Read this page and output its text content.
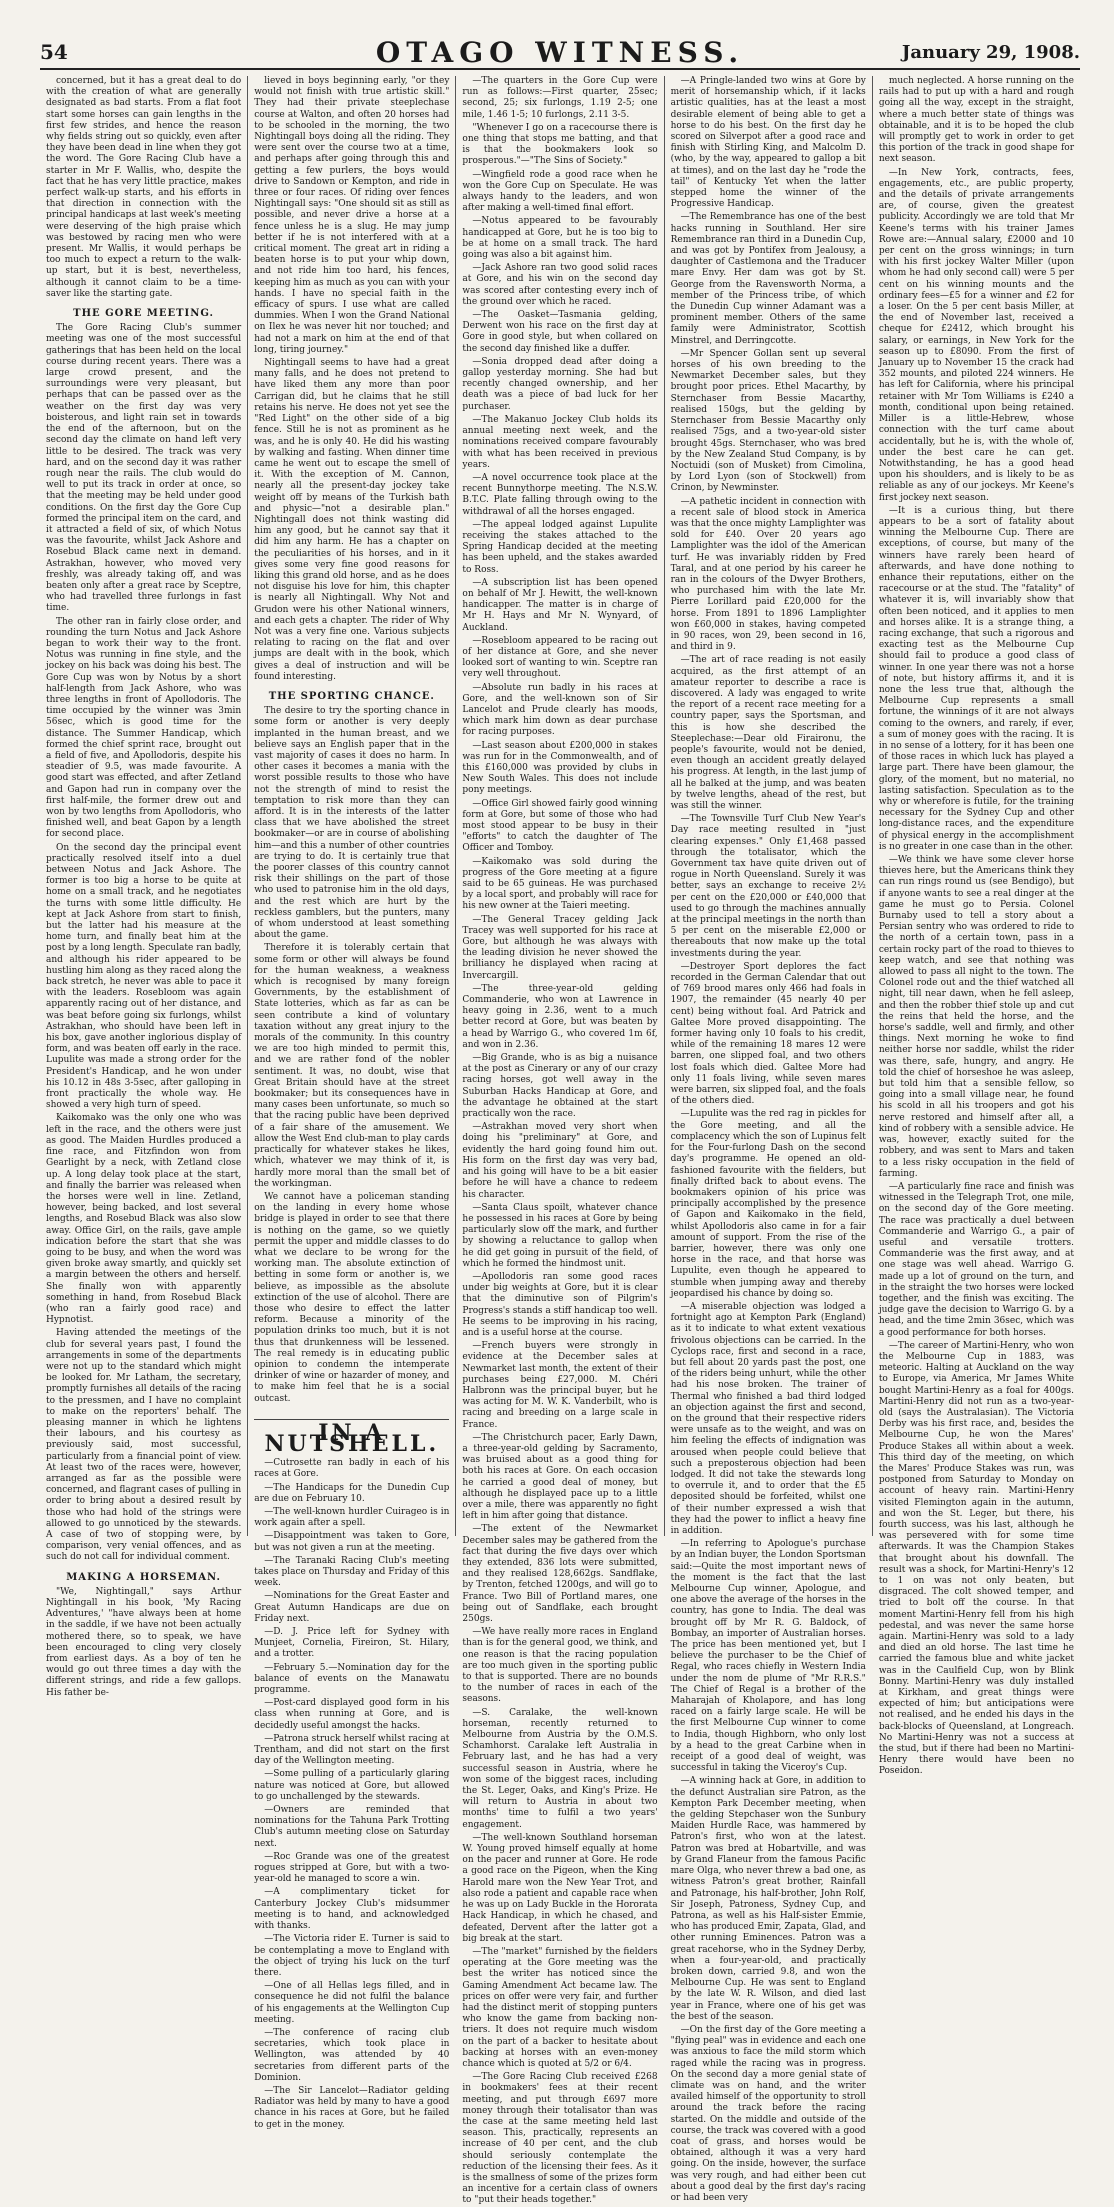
54	OTAGO WITNESS.	January 29, 1908.

concerned, but it has a great deal to do with the creation of what are generally designated as bad starts. From a flat foot start some horses can gain lengths in the first few strides, and hence the reason why fields string out so quickly, even after they have been dead in line when they got the word. The Gore Racing Club have a starter in Mr F. Wallis, who, despite the fact that he has very little practice, makes perfect walk-up starts, and his efforts in that direction in connection with the principal handicaps at last week's meeting were deserving of the high praise which was bestowed by racing men who were present. Mr Wallis, it would perhaps be too much to expect a return to the walk-up start, but it is best, nevertheless, although it cannot claim to be a time-saver like the starting gate.

THE GORE MEETING.

The Gore Racing Club's summer meeting was one of the most successful gatherings that has been held on the local course during recent years. There was a large crowd present, and the surroundings were very pleasant, but perhaps that can be passed over as the weather on the first day was very boisterous, and light rain set in towards the end of the afternoon, but on the second day the climate on hand left very little to be desired. The track was very hard, and on the second day it was rather rough near the rails. The club would do well to put its track in order at once, so that the meeting may be held under good conditions. On the first day the Gore Cup formed the principal item on the card, and it attracted a field of six, of which Notus was the favourite, whilst Jack Ashore and Rosebud Black came next in demand. Astrakhan, however, who moved very freshly, was already taking off, and was beaten only after a great race by Sceptre, who had travelled three furlongs in fast time.

The other ran in fairly close order, and rounding the turn Notus and Jack Ashore began to work their way to the front. Notus was running in fine style, and the jockey on his back was doing his best. The Gore Cup was won by Notus by a short half-length from Jack Ashore, who was three lengths in front of Apollodoris. The time occupied by the winner was 3min 56sec, which is good time for the distance. The Summer Handicap, which formed the chief sprint race, brought out a field of five, and Apollodoris, despite his steadier of 9.5, was made favourite. A good start was effected, and after Zetland and Gapon had run in company over the first half-mile, the former drew out and won by two lengths from Apollodoris, who finished well, and beat Gapon by a length for second place.

On the second day the principal event practically resolved itself into a duel between Notus and Jack Ashore. The former is too big a horse to be quite at home on a small track, and he negotiates the turns with some little difficulty. He kept at Jack Ashore from start to finish, but the latter had his measure at the home turn, and finally beat him at the post by a long length. Speculate ran badly, and although his rider appeared to be hustling him along as they raced along the back stretch, he never was able to pace it with the leaders. Rosebloom was again apparently racing out of her distance, and was beat before going six furlongs, whilst Astrakhan, who should have been left in his box, gave another inglorious display of form, and was beaten off early in the race. Lupulite was made a strong order for the President's Handicap, and he won under his 10.12 in 48s 3-5sec, after galloping in front practically the whole way. He showed a very high turn of speed.

Kaikomako was the only one who was left in the race, and the others were just as good. The Maiden Hurdles produced a fine race, and Fitzfindon won from Gearlight by a neck, with Zetland close up. A long delay took place at the start, and finally the barrier was released when the horses were well in line. Zetland, however, being backed, and lost several lengths, and Rosebud Black was also slow away. Office Girl, on the rails, gave ample indication before the start that she was going to be busy, and when the word was given broke away smartly, and quickly set a margin between the others and herself. She finally won with apparently something in hand, from Rosebud Black (who ran a fairly good race) and Hypnotist.

Having attended the meetings of the club for several years past, I found the arrangements in some of the departments were not up to the standard which might be looked for. Mr Latham, the secretary, promptly furnishes all details of the racing to the pressmen, and I have no complaint to make on the reporters' behalf. The pleasing manner in which he lightens their labours, and his courtesy as previously said, most successful, particularly from a financial point of view. At least two of the races were, however, arranged as far as the possible were concerned, and flagrant cases of pulling in order to bring about a desired result by those who had hold of the strings were allowed to go unnoticed by the stewards. A case of two of stopping were, by comparison, very venial offences, and as such do not call for individual comment.

MAKING A HORSEMAN.

"We, Nightingall," says Arthur Nightingall in his book, 'My Racing Adventures,' "have always been at home in the saddle, if we have not been actually mothered there, so to speak, we have been encouraged to cling very closely from earliest days. As a boy of ten he would go out three times a day with the different strings, and ride a few gallops. His father be-

lieved in boys beginning early, "or they would not finish with true artistic skill." They had their private steeplechase course at Walton, and often 20 horses had to be schooled in the morning, the two Nightingall boys doing all the riding. They were sent over the course two at a time, and perhaps after going through this and getting a few purlers, the boys would drive to Sandown or Kempton, and ride in three or four races. Of riding over fences Nightingall says: "One should sit as still as possible, and never drive a horse at a fence unless he is a slug. He may jump better if he is not interfered with at a critical moment. The great art in riding a beaten horse is to put your whip down, and not ride him too hard, his fences, keeping him as much as you can with your hands. I have no special faith in the efficacy of spurs. I use what are called dummies. When I won the Grand National on Ilex he was never hit nor touched; and had not a mark on him at the end of that long, tiring journey."

Nightingall seems to have had a great many falls, and he does not pretend to have liked them any more than poor Carrigan did, but he claims that he still retains his nerve. He does not yet see the "Red Light" on the other side of a big fence. Still he is not as prominent as he was, and he is only 40. He did his wasting by walking and fasting. When dinner time came he went out to escape the smell of it. With the exception of M. Cannon, nearly all the present-day jockey take weight off by means of the Turkish bath and physic—"not a desirable plan." Nightingall does not think wasting did him any good, but he cannot say that it did him any harm. He has a chapter on the peculiarities of his horses, and in it gives some very fine good reasons for liking this grand old horse, and as he does not disguise his love for him, this chapter is nearly all Nightingall. Why Not and Grudon were his other National winners, and each gets a chapter. The rider of Why Not was a very fine one. Various subjects relating to racing on the flat and over jumps are dealt with in the book, which gives a deal of instruction and will be found interesting.

THE SPORTING CHANCE.

The desire to try the sporting chance in some form or another is very deeply implanted in the human breast, and we believe says an English paper that in the vast majority of cases it does no harm. In other cases it becomes a mania with the worst possible results to those who have not the strength of mind to resist the temptation to risk more than they can afford. It is in the interests of the latter class that we have abolished the street bookmaker—or are in course of abolishing him—and this a number of other countries are trying to do. It is certainly true that the poorer classes of this country cannot risk their shillings on the part of those who used to patronise him in the old days, and the rest which are hurt by the reckless gamblers, but the punters, many of whom understood at least something about the game.

Therefore it is tolerably certain that some form or other will always be found for the human weakness, a weakness which is recognised by many foreign Governments, by the establishment of State lotteries, which as far as can be seen contribute a kind of voluntary taxation without any great injury to the morals of the community. In this country we are too high minded to permit this, and we are rather fond of the nobler sentiment. It was, no doubt, wise that Great Britain should have at the street bookmaker; but its consequences have in many cases been unfortunate, so much so that the racing public have been deprived of a fair share of the amusement. We allow the West End club-man to play cards practically for whatever stakes he likes, which, whatever we may think of it, is hardly more moral than the small bet of the workingman.

We cannot have a policeman standing on the landing in every home whose bridge is played in order to see that there is nothing on the game, so we quietly permit the upper and middle classes to do what we declare to be wrong for the working man. The absolute extinction of betting in some form or another is, we believe, as impossible as the absolute extinction of the use of alcohol. There are those who desire to effect the latter reform. Because a minority of the population drinks too much, but it is not thus that drunkenness will be lessened. The real remedy is in educating public opinion to condemn the intemperate drinker of wine or hazarder of money, and to make him feel that he is a social outcast.

IN A NUTSHELL.

—Cutrosette ran badly in each of his races at Gore.

—The Handicaps for the Dunedin Cup are due on February 10.

—The well-known hurdler Cuirageo is in work again after a spell.

—Disappointment was taken to Gore, but was not given a run at the meeting.

—The Taranaki Racing Club's meeting takes place on Thursday and Friday of this week.

—Nominations for the Great Easter and Great Autumn Handicaps are due on Friday next.

—D. J. Price left for Sydney with Munjeet, Cornelia, Fireiron, St. Hilary, and a trotter.

—February 5.—Nomination day for the balance of events on the Manawatu programme.

—Post-card displayed good form in his class when running at Gore, and is decidedly useful amongst the hacks.

—Patrona struck herself whilst racing at Trentham, and did not start on the first day of the Wellington meeting.

—Some pulling of a particularly glaring nature was noticed at Gore, but allowed to go unchallenged by the stewards.

—Owners are reminded that nominations for the Tahuna Park Trotting Club's autumn meeting close on Saturday next.

—Roc Grande was one of the greatest rogues stripped at Gore, but with a two-year-old he managed to score a win.

—A complimentary ticket for Canterbury Jockey Club's midsummer meeting is to hand, and acknowledged with thanks.

—The Victoria rider E. Turner is said to be contemplating a move to England with the object of trying his luck on the turf there.

—One of all Hellas legs filled, and in consequence he did not fulfil the balance of his engagements at the Wellington Cup meeting.

—The conference of racing club secretaries, which took place in Wellington, was attended by 40 secretaries from different parts of the Dominion.

—The Sir Lancelot—Radiator gelding Radiator was held by many to have a good chance in his races at Gore, but he failed to get in the money.

—The quarters in the Gore Cup were run as follows:—First quarter, 25sec; second, 25; six furlongs, 1.19 2-5; one mile, 1.46 1-5; 10 furlongs, 2.11 3-5.

"Whenever I go on a racecourse there is one thing that stops me batting, and that is that the bookmakers look so prosperous."—"The Sins of Society."

—Wingfield rode a good race when he won the Gore Cup on Speculate. He was always handy to the leaders, and won after making a well-timed final effort.

—Notus appeared to be favourably handicapped at Gore, but he is too big to be at home on a small track. The hard going was also a bit against him.

—Jack Ashore ran two good solid races at Gore, and his win on the second day was scored after contesting every inch of the ground over which he raced.

—The Oasket—Tasmania gelding, Derwent won his race on the first day at Gore in good style, but when collared on the second day finished like a duffer.

—Sonia dropped dead after doing a gallop yesterday morning. She had but recently changed ownership, and her death was a piece of bad luck for her purchaser.

—The Makanuo Jockey Club holds its annual meeting next week, and the nominations received compare favourably with what has been received in previous years.

—A novel occurrence took place at the recent Bunnythorpe meeting. The N.S.W. B.T.C. Plate falling through owing to the withdrawal of all the horses engaged.

—The appeal lodged against Lupulite receiving the stakes attached to the Spring Handicap decided at the meeting has been upheld, and the stakes awarded to Ross.

—A subscription list has been opened on behalf of Mr J. Hewitt, the well-known handicapper. The matter is in charge of Mr H. Hays and Mr N. Wynyard, of Auckland.

—Rosebloom appeared to be racing out of her distance at Gore, and she never looked sort of wanting to win. Sceptre ran very well throughout.

—Absolute run badly in his races at Gore, and the well-known son of Sir Lancelot and Prude clearly has moods, which mark him down as dear purchase for racing purposes.

—Last season about £200,000 in stakes was run for in the Commonwealth, and of this £160,000 was provided by clubs in New South Wales. This does not include pony meetings.

—Office Girl showed fairly good winning form at Gore, but some of those who had most stood appear to be busy in their "efforts" to catch the daughter of The Officer and Tomboy.

—Kaikomako was sold during the progress of the Gore meeting at a figure said to be 65 guineas. He was purchased by a local sport, and probably will race for his new owner at the Taieri meeting.

—The General Tracey gelding Jack Tracey was well supported for his race at Gore, but although he was always with the leading division he never showed the brilliancy he displayed when racing at Invercargill.

—The three-year-old gelding Commanderie, who won at Lawrence in heavy going in 2.36, went to a much better record at Gore, but was beaten by a head by Warrigo G., who covered 1m 6f, and won in 2.36.

—Big Grande, who is as big a nuisance at the post as Cinerary or any of our crazy racing horses, got well away in the Suburban Hacks Handicap at Gore, and the advantage he obtained at the start practically won the race.

—Astrakhan moved very short when doing his "preliminary" at Gore, and evidently the hard going found him out. His form on the first day was very bad, and his going will have to be a bit easier before he will have a chance to redeem his character.

—Santa Claus spoilt, whatever chance he possessed in his races at Gore by being particularly slow off the mark, and further by showing a reluctance to gallop when he did get going in pursuit of the field, of which he formed the hindmost unit.

—Apollodoris ran some good races under big weights at Gore, but it is clear that the diminutive son of Pilgrim's Progress's stands a stiff handicap too well. He seems to be improving in his racing, and is a useful horse at the course.

—French buyers were strongly in evidence at the December sales at Newmarket last month, the extent of their purchases being £27,000. M. Chéri Halbronn was the principal buyer, but he was acting for M. W. K. Vanderbilt, who is racing and breeding on a large scale in France.

—The Christchurch pacer, Early Dawn, a three-year-old gelding by Sacramento, was bruised about as a good thing for both his races at Gore. On each occasion he carried a good deal of money, but although he displayed pace up to a little over a mile, there was apparently no fight left in him after going that distance.

—The extent of the Newmarket December sales may be gathered from the fact that during the five days over which they extended, 836 lots were submitted, and they realised 128,662gs. Sandflake, by Trenton, fetched 1200gs, and will go to France. Two Bill of Portland mares, one being out of Sandflake, each brought 250gs.

—We have really more races in England than is for the general good, we think, and one reason is that the racing population are too much given in the sporting public to that is supported. There are no bounds to the number of races in each of the seasons.

—S. Caralake, the well-known horseman, recently returned to Melbourne from Austria by the O.M.S. Schamhorst. Caralake left Australia in February last, and he has had a very successful season in Austria, where he won some of the biggest races, including the St. Leger, Oaks, and King's Prize. He will return to Austria in about two months' time to fulfil a two years' engagement.

—The well-known Southland horseman W. Young proved himself equally at home on the pacer and runner at Gore. He rode a good race on the Pigeon, when the King Harold mare won the New Year Trot, and also rode a patient and capable race when he was up on Lady Buckle in the Hororata Hack Handicap, in which he chased, and defeated, Dervent after the latter got a big break at the start.

—The "market" furnished by the fielders operating at the Gore meeting was the best the writer has noticed since the Gaming Amendment Act became law. The prices on offer were very fair, and further had the distinct merit of stopping punters who know the game from backing non-triers. It does not require much wisdom on the part of a backer to hesitate about backing at horses with an even-money chance which is quoted at 5/2 or 6/4.

—The Gore Racing Club received £268 in bookmakers' fees at their recent meeting, and put through £697 more money through their totalisator than was the case at the same meeting held last season. This, practically, represents an increase of 40 per cent, and the club should seriously contemplate the reduction of the licensing their fees. As it is the smallness of some of the prizes form an incentive for a certain class of owners to "put their heads together."

—A Pringle-landed two wins at Gore by merit of horsemanship which, if it lacks artistic qualities, has at the least a most desirable element of being able to get a horse to do his best. On the first day he scored on Silverpot after a good race and finish with Stirling King, and Malcolm D. (who, by the way, appeared to gallop a bit at times), and on the last day he "rode the tail" of Kentucky Yet when the latter stepped home the winner of the Progressive Handicap.

—The Remembrance has one of the best hacks running in Southland. Her sire Remembrance ran third in a Dunedin Cup, and was got by Pontifex from Jealousy, a daughter of Castlemona and the Traducer mare Envy. Her dam was got by St. George from the Ravensworth Norma, a member of the Princess tribe, of which the Dunedin Cup winner Adamant was a prominent member. Others of the same family were Administrator, Scottish Minstrel, and Derringcotte.

—Mr Spencer Gollan sent up several horses of his own breeding to the Newmarket December sales, but they brought poor prices. Ethel Macarthy, by Sternchaser from Bessie Macarthy, realised 150gs, but the gelding by Sternchaser from Bessie Macarthy only realised 75gs, and a two-year-old sister brought 45gs. Sternchaser, who was bred by the New Zealand Stud Company, is by Noctuidi (son of Musket) from Cimolina, by Lord Lyon (son of Stockwell) from Crinon, by Newminster.

—A pathetic incident in connection with a recent sale of blood stock in America was that the once mighty Lamplighter was sold for £40. Over 20 years ago Lamplighter was the idol of the American turf. He was invariably ridden by Fred Taral, and at one period by his career he ran in the colours of the Dwyer Brothers, who purchased him with the late Mr. Pierre Lorillard paid £20,000 for the horse. From 1891 to 1896 Lamplighter won £60,000 in stakes, having competed in 90 races, won 29, been second in 16, and third in 9.

—The art of race reading is not easily acquired, as the first attempt of an amateur reporter to describe a race is discovered. A lady was engaged to write the report of a recent race meeting for a country paper, says the Sportsman, and this is how she described the Steeplechase:—Dear old Firaironu, the people's favourite, would not be denied, even though an accident greatly delayed his progress. At length, in the last jump of all he balked at the jump, and was beaten by twelve lengths, ahead of the rest, but was still the winner.

—The Townsville Turf Club New Year's Day race meeting resulted in "just clearing expenses." Only £1,468 passed through the totalisator, which the Government tax have quite driven out of rogue in North Queensland. Surely it was better, says an exchange to receive 2½ per cent on the £20,000 or £40,000 that used to go through the machines annually at the principal meetings in the north than 5 per cent on the miserable £2,000 or thereabouts that now make up the total investments during the year.

—Destroyer Sport deplores the fact recorded in the German Calendar that out of 769 brood mares only 466 had foals in 1907, the remainder (45 nearly 40 per cent) being without foal. Ard Patrick and Galtee More proved disappointing. The former having only 10 foals to his credit, while of the remaining 18 mares 12 were barren, one slipped foal, and two others lost foals which died. Galtee More had only 11 foals living, while seven mares were barren, six slipped foal, and the foals of the others died.

—Lupulite was the red rag in pickles for the Gore meeting, and all the complacency which the son of Lupinus felt for the Four-furlong Dash on the second day's programme. He opened an old-fashioned favourite with the fielders, but finally drifted back to about evens. The bookmakers opinion of his price was principally accomplished by the presence of Gapon and Kaikomako in the field, whilst Apollodoris also came in for a fair amount of support. From the rise of the barrier, however, there was only one horse in the race, and that horse was Lupulite, even though he appeared to stumble when jumping away and thereby jeopardised his chance by doing so.

—A miserable objection was lodged a fortnight ago at Kempton Park (England) as it to indicate to what extent vexatious frivolous objections can be carried. In the Cyclops race, first and second in a race, but fell about 20 yards past the post, one of the riders being unhurt, while the other had his nose broken. The trainer of Thermal who finished a bad third lodged an objection against the first and second, on the ground that their respective riders were unsafe as to the weight, and was on him feeling the effects of indignation was aroused when people could believe that such a preposterous objection had been lodged. It did not take the stewards long to overrule it, and to order that the £5 deposited should be forfeited, whilst one of their number expressed a wish that they had the power to inflict a heavy fine in addition.

—In referring to Apologue's purchase by an Indian buyer, the London Sportsman said:—Quite the most important news of the moment is the fact that the last Melbourne Cup winner, Apologue, and one above the average of the horses in the country, has gone to India. The deal was brought off by Mr R. G. Baldock, of Bombay, an importer of Australian horses. The price has been mentioned yet, but I believe the purchaser to be the Chief of Regal, who races chiefly in Western India under the nom de plume of "Mr R.R.S." The Chief of Regal is a brother of the Maharajah of Kholapore, and has long raced on a fairly large scale. He will be the first Melbourne Cup winner to come to India, though Highborn, who only lost by a head to the great Carbine when in receipt of a good deal of weight, was successful in taking the Viceroy's Cup.

—A winning hack at Gore, in addition to the defunct Australian sire Patron, as the Kempton Park December meeting, when the gelding Stepchaser won the Sunbury Maiden Hurdle Race, was hammered by Patron's first, who won at the latest. Patron was bred at Hobartville, and was by Grand Flaneur from the famous Pacific mare Olga, who never threw a bad one, as witness Patron's great brother, Rainfall and Patronage, his half-brother, John Rolf, Sir Joseph, Patroness, Sydney Cup, and Patrona, as well as his Half-sister Emmie, who has produced Emir, Zapata, Glad, and other running Eminences. Patron was a great racehorse, who in the Sydney Derby, when a four-year-old, and practically broken down, carried 9.8, and won the Melbourne Cup. He was sent to England by the late W. R. Wilson, and died last year in France, where one of his get was the best of the season.

—On the first day of the Gore meeting a "flying peal" was in evidence and each one was anxious to face the mild storm which raged while the racing was in progress. On the second day a more genial state of climate was on hand, and the writer availed himself of the opportunity to stroll around the track before the racing started. On the middle and outside of the course, the track was covered with a good coat of grass, and horses would be obtained, although it was a very hard going. On the inside, however, the surface was very rough, and had either been cut about a good deal by the first day's racing or had been very

much neglected. A horse running on the rails had to put up with a hard and rough going all the way, except in the straight, where a much better state of things was obtainable, and it is to be hoped the club will promptly get to work in order to get this portion of the track in good shape for next season.

—In New York, contracts, fees, engagements, etc., are public property, and the details of private arrangements are, of course, given the greatest publicity. Accordingly we are told that Mr Keene's terms with his trainer James Rowe are:—Annual salary, £2000 and 10 per cent on the gross winnings; in turn with his first jockey Walter Miller (upon whom he had only second call) were 5 per cent on his winning mounts and the ordinary fees—£5 for a winner and £2 for a loser. On the 5 per cent basis Miller, at the end of November last, received a cheque for £2412, which brought his salary, or earnings, in New York for the season up to £8090. From the first of January up to November 15 the crack had 352 mounts, and piloted 224 winners. He has left for California, where his principal retainer with Mr Tom Williams is £240 a month, conditional upon being retained. Miller is a little-Hebrew, whose connection with the turf came about accidentally, but he is, with the whole of, under the best care he can get. Notwithstanding, he has a good head upon his shoulders, and is likely to be as reliable as any of our jockeys. Mr Keene's first jockey next season.

—It is a curious thing, but there appears to be a sort of fatality about winning the Melbourne Cup. There are exceptions, of course, but many of the winners have rarely been heard of afterwards, and have done nothing to enhance their reputations, either on the racecourse or at the stud. The "fatality" of whatever it is, will invariably show that often been noticed, and it applies to men and horses alike. It is a strange thing, a racing exchange, that such a rigorous and exacting test as the Melbourne Cup should fail to produce a good class of winner. In one year there was not a horse of note, but history affirms it, and it is none the less true that, although the Melbourne Cup represents a small fortune, the winnings of it are not always coming to the owners, and rarely, if ever, a sum of money goes with the racing. It is in no sense of a lottery, for it has been one of those races in which luck has played a large part. There have been glamour, the glory, of the moment, but no material, no lasting satisfaction. Speculation as to the why or wherefore is futile, for the training necessary for the Sydney Cup and other long-distance races, and the expenditure of physical energy in the accomplishment is no greater in one case than in the other.

—We think we have some clever horse thieves here, but the Americans think they can run rings round us (see Bendigo), but if anyone wants to see a real dinger at the game he must go to Persia. Colonel Burnaby used to tell a story about a Persian sentry who was ordered to ride to the north of a certain town, pass in a certain rocky part of the road to thieves to keep watch, and see that nothing was allowed to pass all night to the town. The Colonel rode out and the thief watched all night, till near dawn, when he fell asleep, and then the robber thief stole up and cut the reins that held the horse, and the horse's saddle, well and firmly, and other things. Next morning he woke to find neither horse nor saddle, whilst the rider was there, safe, hungry, and angry. He told the chief of horseshoe he was asleep, but told him that a sensible fellow, so going into a small village near, he found his scold in all his troopers and got his nerve restored and himself after all, a kind of robbery with a sensible advice. He was, however, exactly suited for the robbery, and was sent to Mars and taken to a less risky occupation in the field of farming.

—A particularly fine race and finish was witnessed in the Telegraph Trot, one mile, on the second day of the Gore meeting. The race was practically a duel between Commanderie and Warrigo G., a pair of useful and versatile trotters. Commanderie was the first away, and at one stage was well ahead. Warrigo G. made up a lot of ground on the turn, and in the straight the two horses were locked together, and the finish was exciting. The judge gave the decision to Warrigo G. by a head, and the time 2min 36sec, which was a good performance for both horses.

—The career of Martini-Henry, who won the Melbourne Cup in 1883, was meteoric. Halting at Auckland on the way to Europe, via America, Mr James White bought Martini-Henry as a foal for 400gs. Martini-Henry did not run as a two-year-old (says the Australasian). The Victoria Derby was his first race, and, besides the Melbourne Cup, he won the Mares' Produce Stakes all within about a week. This third day of the meeting, on which the Mares' Produce Stakes was run, was postponed from Saturday to Monday on account of heavy rain. Martini-Henry visited Flemington again in the autumn, and won the St. Leger, but there, his fourth success, was his last, although he was persevered with for some time afterwards. It was the Champion Stakes that brought about his downfall. The result was a shock, for Martini-Henry's 12 to 1 on was not only beaten, but disgraced. The colt showed temper, and tried to bolt off the course. In that moment Martini-Henry fell from his high pedestal, and was never the same horse again. Martini-Henry was sold to a lady and died an old horse. The last time he carried the famous blue and white jacket was in the Caulfield Cup, won by Blink Bonny. Martini-Henry was duly installed at Kirkham, and great things were expected of him; but anticipations were not realised, and he ended his days in the back-blocks of Queensland, at Longreach. No Martini-Henry was not a success at the stud, but if there had been no Martini-Henry there would have been no Poseidon.
